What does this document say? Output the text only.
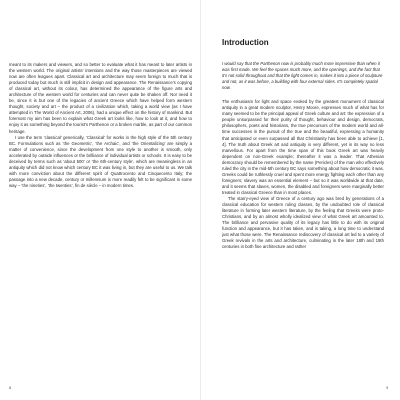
meant to its makers and viewers, and so better to evaluate what it has meant to later artists in the western world. The original artists’ intentions and the way those masterpieces are viewed now are often leagues apart. Classical art and architecture may seem foreign to much that is produced today but much is still implicit in design and appearance. The Renaissance’s copying of classical art, without its colour, has determined the appearance of the figure arts and architecture of the western world for centuries and can never quite be shaken off. Nor need it be, since it is but one of the legacies of ancient Greece which have helped form western thought, society and art – the product of a civilization which, taking a world view (as I have attempted in The World of Ancient Art, 2006), had a unique effect on the history of mankind. But foremost my aim has been to explain what Greek art looks like, how to look at it, and how to enjoy it as something beyond the tourist’s Parthenon or a broken marble, as part of our common heritage.

I use the term ‘classical’ generically, ‘Classical’ for works in the high style of the 5th century BC. Formulations such as ‘the Geometric’, ‘the Archaic’, and ‘the Orientalizing’ are simply a matter of convenience, since the development from one style to another is smooth, only accelerated by outside influences or the brilliance of individual artists or schools. It is easy to be deceived by terms such as ‘about 500’ or ‘the 6th-century style’, which are meaningless in an antiquity which did not know which century BC it was living in, but they are useful to us. We talk with more conviction about the different spirit of Quattrocento and Cinquecento Italy; the passage into a new decade, century or millennium is more readily felt to be significant in some way – ‘the nineties’, ‘the twenties’, fin de siècle – in modern times.

8
Introduction
I would say that the Parthenon now is probably much more impressive than when it was first made. We feel the spaces much more, and the openings, and the fact that it’s not solid throughout and that the light comes in, makes it into a piece of sculpture and not, as it was before, a building with four external sides. It’s completely spatial now.

The enthusiasm for light and space evoked by the greatest monument of classical antiquity in a great modern sculptor, Henry Moore, expresses much of what has for many seemed to be the principal appeal of Greek culture and art: the expression of a people unsurpassed for their purity of thought, behaviour and design, democrats, philosophers, poets and historians, the true precursors of the modern world and all-time successes in the pursuit of the true and the beautiful, expressing a humanity that anticipated or even surpassed all that Christianity has been able to achieve [1, 4]. The truth about Greek art and antiquity is very different, yet in its way no less marvellous. For apart from the time span of this book Greek art was heavily dependent on non-Greek example; thereafter it was a leader. That Athenian democracy should be remembered by the name (Pericles) of the man who effectively ruled the city in the mid-5th century BC says something about how democratic it was. Greeks could be ruthlessly cruel and spent more energy fighting each other than any foreigners; slavery was an essential element – but so it was worldwide at that date, and it seems that slaves, women, the disabled and foreigners were marginally better treated in classical Greece than in most places.

The starry-eyed view of Greece of a century ago was bred by generations of a classical education for western ruling classes, by the undoubted role of classical literature in forming later western literature, by the feeling that Greeks were proto-Christians, and by an almost wholly idealized view of what Greek art amounted to. The brilliance and pervasive quality of its legacy has little to do with its original function and appearance, but it has taken, and is taking, a long time to understand just what those were. The Renaissance rediscovery of classical art led to a variety of Greek revivals in the arts and architecture, culminating in the later 18th and 19th centuries in both fine architecture and rather

9
